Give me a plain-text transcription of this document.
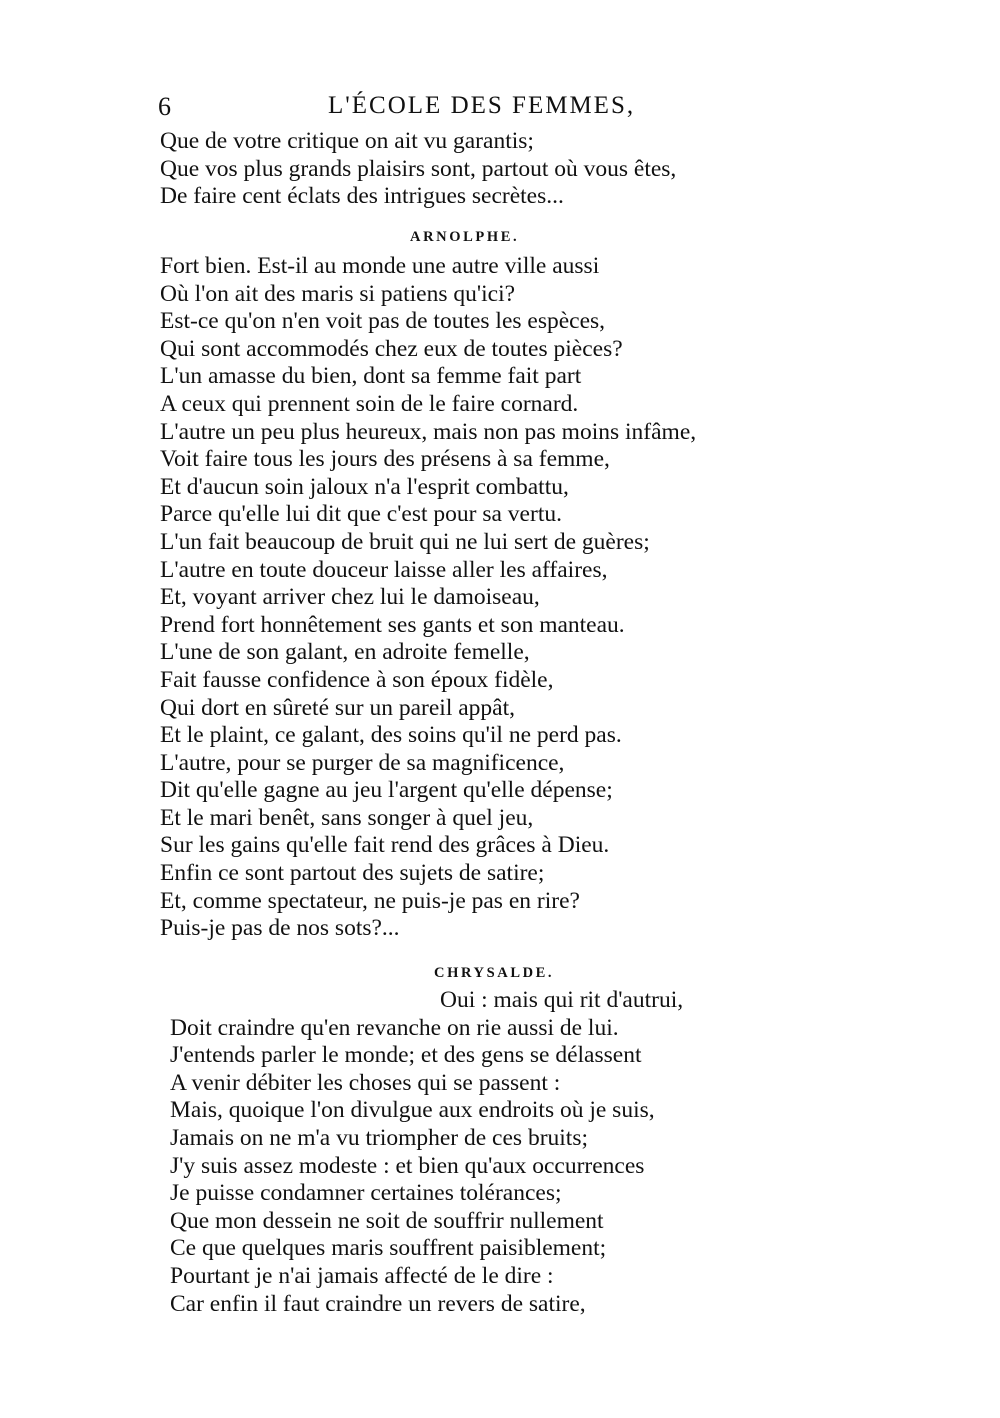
6	L'ÉCOLE DES FEMMES,
Que de votre critique on ait vu garantis;
Que vos plus grands plaisirs sont, partout où vous êtes,
De faire cent éclats des intrigues secrètes...
ARNOLPHE.
Fort bien. Est-il au monde une autre ville aussi
Où l'on ait des maris si patiens qu'ici?
Est-ce qu'on n'en voit pas de toutes les espèces,
Qui sont accommodés chez eux de toutes pièces?
L'un amasse du bien, dont sa femme fait part
A ceux qui prennent soin de le faire cornard.
L'autre un peu plus heureux, mais non pas moins infâme,
Voit faire tous les jours des présens à sa femme,
Et d'aucun soin jaloux n'a l'esprit combattu,
Parce qu'elle lui dit que c'est pour sa vertu.
L'un fait beaucoup de bruit qui ne lui sert de guères;
L'autre en toute douceur laisse aller les affaires,
Et, voyant arriver chez lui le damoiseau,
Prend fort honnêtement ses gants et son manteau.
L'une de son galant, en adroite femelle,
Fait fausse confidence à son époux fidèle,
Qui dort en sûreté sur un pareil appât,
Et le plaint, ce galant, des soins qu'il ne perd pas.
L'autre, pour se purger de sa magnificence,
Dit qu'elle gagne au jeu l'argent qu'elle dépense;
Et le mari benêt, sans songer à quel jeu,
Sur les gains qu'elle fait rend des grâces à Dieu.
Enfin ce sont partout des sujets de satire;
Et, comme spectateur, ne puis-je pas en rire?
Puis-je pas de nos sots?...
CHRYSALDE.
Oui : mais qui rit d'autrui,
Doit craindre qu'en revanche on rie aussi de lui.
J'entends parler le monde; et des gens se délassent
A venir débiter les choses qui se passent :
Mais, quoique l'on divulgue aux endroits où je suis,
Jamais on ne m'a vu triompher de ces bruits;
J'y suis assez modeste : et bien qu'aux occurrences
Je puisse condamner certaines tolérances;
Que mon dessein ne soit de souffrir nullement
Ce que quelques maris souffrent paisiblement;
Pourtant je n'ai jamais affecté de le dire :
Car enfin il faut craindre un revers de satire,
